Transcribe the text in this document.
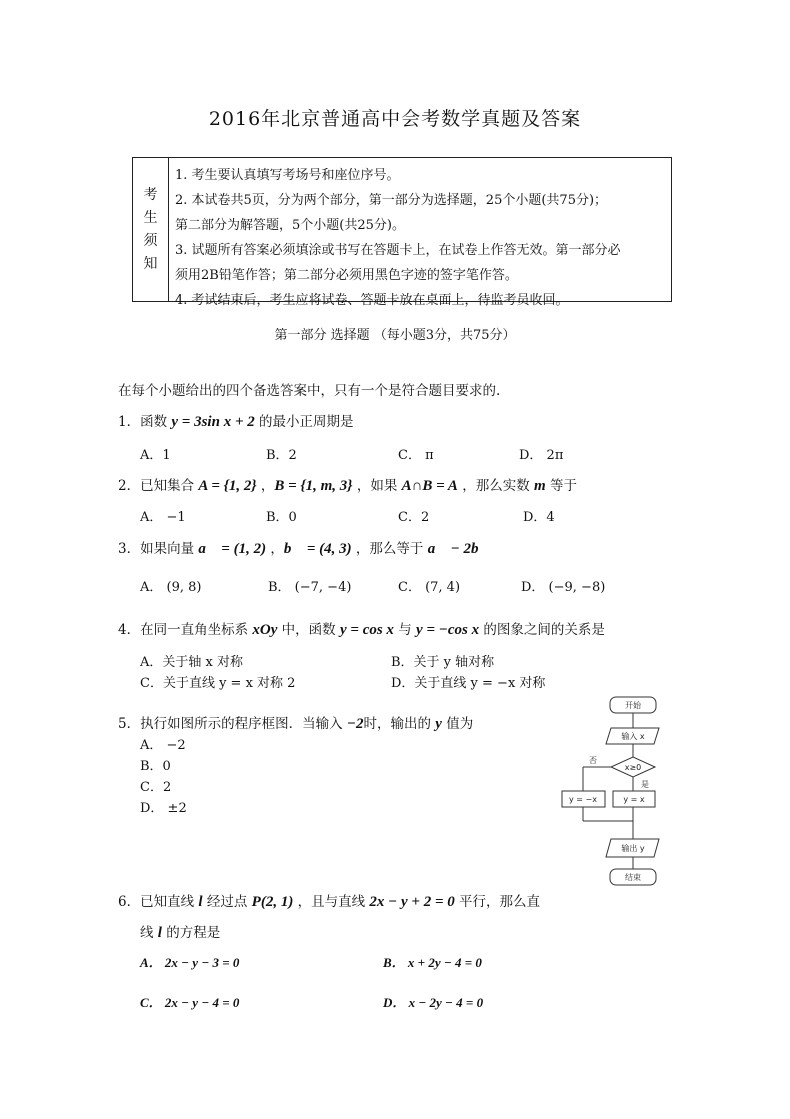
2016年北京普通高中会考数学真题及答案
考
生
须
知
1. 考生要认真填写考场号和座位序号。
2. 本试卷共5页，分为两个部分，第一部分为选择题，25个小题(共75分)；
第二部分为解答题，5个小题(共25分)。
3. 试题所有答案必须填涂或书写在答题卡上，在试卷上作答无效。第一部分必
须用2B铅笔作答；第二部分必须用黑色字迹的签字笔作答。
4. 考试结束后，考生应将试卷、答题卡放在桌面上，待监考员收回。
第一部分 选择题 （每小题3分，共75分）
在每个小题给出的四个备选答案中，只有一个是符合题目要求的.
1．函数 y = 3sin x + 2 的最小正周期是
A．1	B．2	C． π	D． 2π
2．已知集合 A = {1, 2} ，B = {1, m, 3} ，如果 A∩B = A ，那么实数 m 等于
A． −1	B．0	C．2	D．4
3．如果向量 a⃗ = (1, 2) ，b⃗ = (4, 3) ，那么等于 a⃗ − 2b⃗
A． (9, 8)	B． (−7, −4)	C． (7, 4)	D． (−9, −8)
4．在同一直角坐标系 xOy 中，函数 y = cos x 与 y = −cos x 的图象之间的关系是
A．关于轴 x 对称	B．关于 y 轴对称
C．关于直线 y = x 对称 2	D．关于直线 y = −x 对称
5．执行如图所示的程序框图．当输入 −2时，输出的 y 值为
A． −2
B．0
C．2
D． ±2
开始
输入 x
x≥0
否
是
y = −x	y = x
输出 y
结束
6．已知直线 l 经过点 P(2, 1) ，且与直线 2x − y + 2 = 0 平行，那么直
线 l 的方程是
A． 2x − y − 3 = 0	B． x + 2y − 4 = 0
C． 2x − y − 4 = 0	D． x − 2y − 4 = 0
